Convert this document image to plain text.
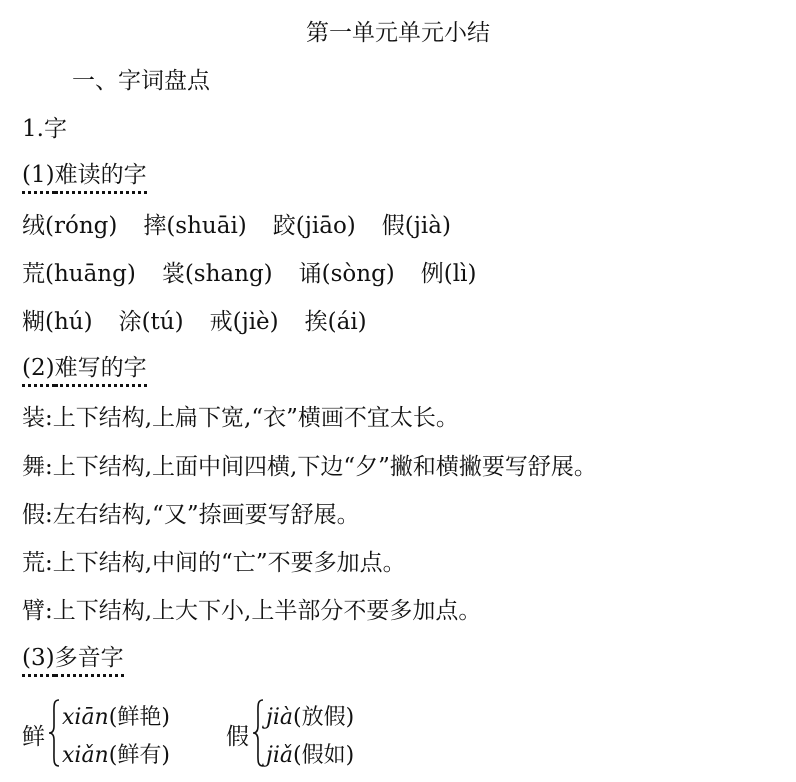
第一单元单元小结
一、字词盘点
1.字
(1)难读的字
绒(róng) 摔(shuāi) 跤(jiāo) 假(jià)
荒(huāng) 裳(shang) 诵(sòng) 例(lì)
糊(hú) 涂(tú) 戒(jiè) 挨(ái)
(2)难写的字
装:上下结构,上扁下宽,“衣”横画不宜太长。
舞:上下结构,上面中间四横,下边“夕”撇和横撇要写舒展。
假:左右结构,“又”捺画要写舒展。
荒:上下结构,中间的“亡”不要多加点。
臂:上下结构,上大下小,上半部分不要多加点。
(3)多音字
鲜
xiān(鲜艳)
xiǎn(鲜有)
假
jià(放假)
jiǎ(假如)
